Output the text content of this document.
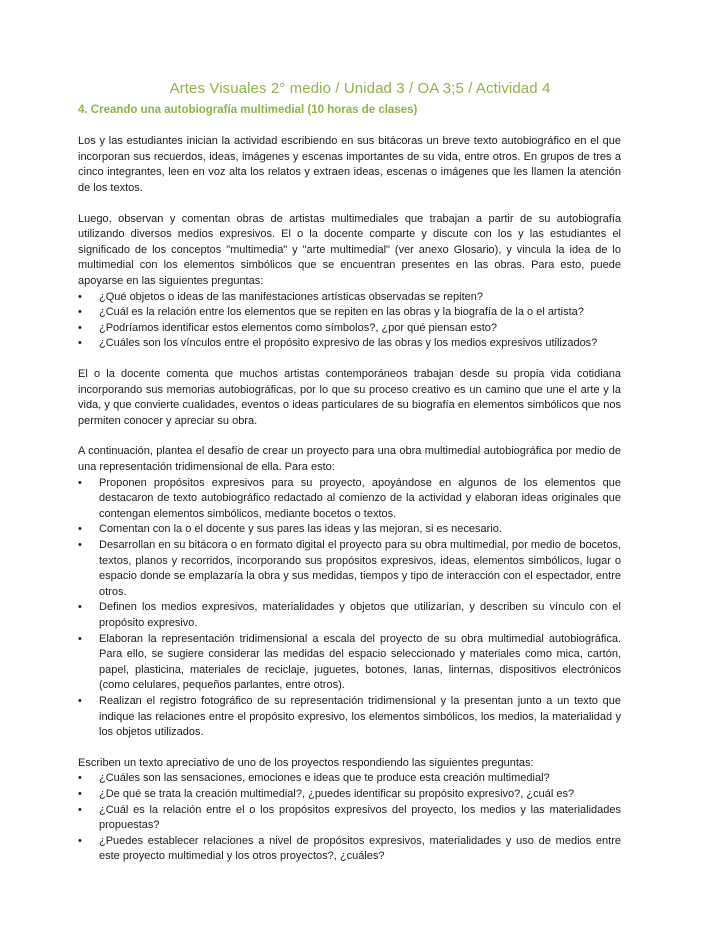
Artes Visuales 2° medio / Unidad 3 / OA 3;5 / Actividad 4
4. Creando una autobiografía multimedial (10 horas de clases)

Los y las estudiantes inician la actividad escribiendo en sus bitácoras un breve texto autobiográfico en el que incorporan sus recuerdos, ideas, imágenes y escenas importantes de su vida, entre otros. En grupos de tres a cinco integrantes, leen en voz alta los relatos y extraen ideas, escenas o imágenes que les llamen la atención de los textos.

Luego, observan y comentan obras de artistas multimediales que trabajan a partir de su autobiografía utilizando diversos medios expresivos. El o la docente comparte y discute con los y las estudiantes el significado de los conceptos "multimedia" y "arte multimedial" (ver anexo Glosario), y vincula la idea de lo multimedial con los elementos simbólicos que se encuentran presentes en las obras. Para esto, puede apoyarse en las siguientes preguntas:

• ¿Qué objetos o ideas de las manifestaciones artísticas observadas se repiten?
• ¿Cuál es la relación entre los elementos que se repiten en las obras y la biografía de la o el artista?
• ¿Podríamos identificar estos elementos como símbolos?, ¿por qué piensan esto?
• ¿Cuáles son los vínculos entre el propósito expresivo de las obras y los medios expresivos utilizados?

El o la docente comenta que muchos artistas contemporáneos trabajan desde su propia vida cotidiana incorporando sus memorias autobiográficas, por lo que su proceso creativo es un camino que une el arte y la vida, y que convierte cualidades, eventos o ideas particulares de su biografía en elementos simbólicos que nos permiten conocer y apreciar su obra.

A continuación, plantea el desafío de crear un proyecto para una obra multimedial autobiográfica por medio de una representación tridimensional de ella. Para esto:

• Proponen propósitos expresivos para su proyecto, apoyándose en algunos de los elementos que destacaron de texto autobiográfico redactado al comienzo de la actividad y elaboran ideas originales que contengan elementos simbólicos, mediante bocetos o textos.
• Comentan con la o el docente y sus pares las ideas y las mejoran, si es necesario.
• Desarrollan en su bitácora o en formato digital el proyecto para su obra multimedial, por medio de bocetos, textos, planos y recorridos, incorporando sus propósitos expresivos, ideas, elementos simbólicos, lugar o espacio donde se emplazaría la obra y sus medidas, tiempos y tipo de interacción con el espectador, entre otros.
• Definen los medios expresivos, materialidades y objetos que utilizarían, y describen su vínculo con el propósito expresivo.
• Elaboran la representación tridimensional a escala del proyecto de su obra multimedial autobiográfica. Para ello, se sugiere considerar las medidas del espacio seleccionado y materiales como mica, cartón, papel, plasticina, materiales de reciclaje, juguetes, botones, lanas, linternas, dispositivos electrónicos (como celulares, pequeños parlantes, entre otros).
• Realizan el registro fotográfico de su representación tridimensional y la presentan junto a un texto que indique las relaciones entre el propósito expresivo, los elementos simbólicos, los medios, la materialidad y los objetos utilizados.

Escriben un texto apreciativo de uno de los proyectos respondiendo las siguientes preguntas:

• ¿Cuáles son las sensaciones, emociones e ideas que te produce esta creación multimedial?
• ¿De qué se trata la creación multimedial?, ¿puedes identificar su propósito expresivo?, ¿cuál es?
• ¿Cuál es la relación entre el o los propósitos expresivos del proyecto, los medios y las materialidades propuestas?
• ¿Puedes establecer relaciones a nivel de propósitos expresivos, materialidades y uso de medios entre este proyecto multimedial y los otros proyectos?, ¿cuáles?
